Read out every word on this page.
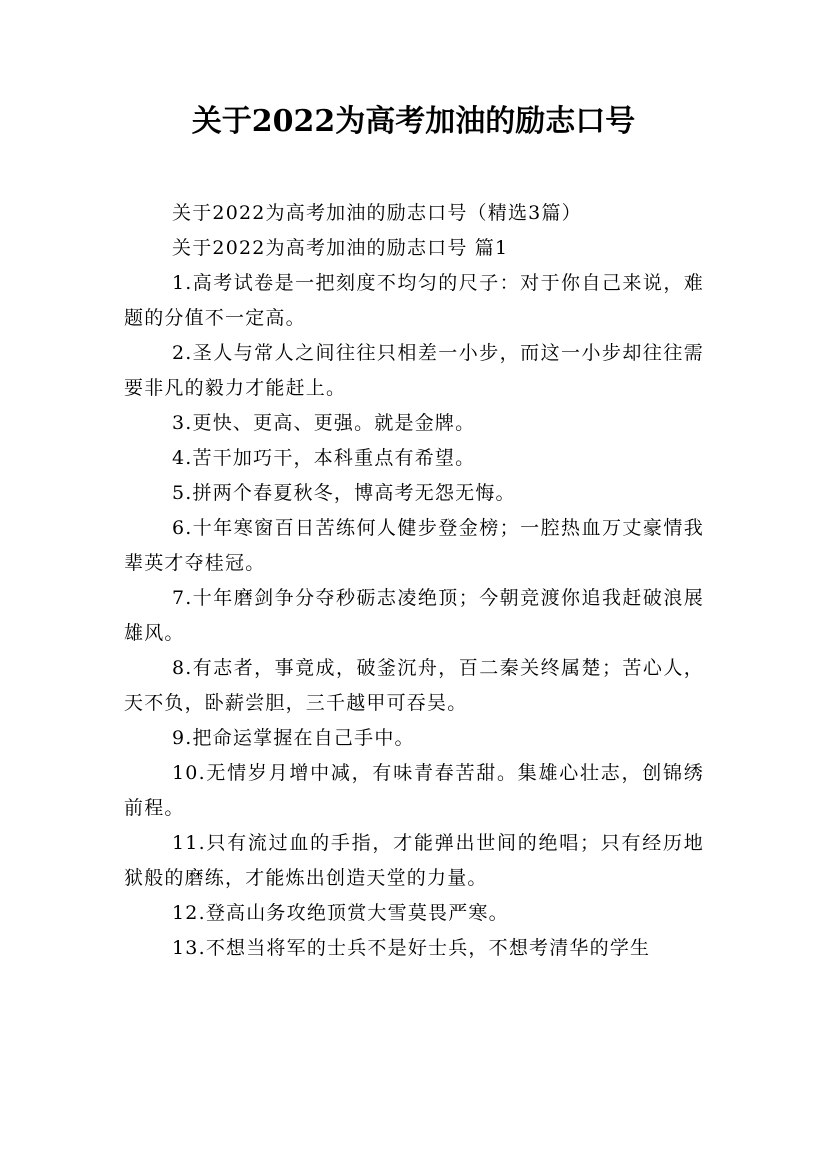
关于2022为高考加油的励志口号

关于2022为高考加油的励志口号（精选3篇）

关于2022为高考加油的励志口号 篇1

1.高考试卷是一把刻度不均匀的尺子：对于你自己来说，难题的分值不一定高。

2.圣人与常人之间往往只相差一小步，而这一小步却往往需要非凡的毅力才能赶上。

3.更快、更高、更强。就是金牌。

4.苦干加巧干，本科重点有希望。

5.拼两个春夏秋冬，博高考无怨无悔。

6.十年寒窗百日苦练何人健步登金榜；一腔热血万丈豪情我辈英才夺桂冠。

7.十年磨剑争分夺秒砺志凌绝顶；今朝竞渡你追我赶破浪展雄风。

8.有志者，事竟成，破釜沉舟，百二秦关终属楚；苦心人，天不负，卧薪尝胆，三千越甲可吞吴。

9.把命运掌握在自己手中。

10.无情岁月增中减，有味青春苦甜。集雄心壮志，创锦绣前程。

11.只有流过血的手指，才能弹出世间的绝唱；只有经历地狱般的磨练，才能炼出创造天堂的力量。

12.登高山务攻绝顶赏大雪莫畏严寒。

13.不想当将军的士兵不是好士兵，不想考清华的学生
